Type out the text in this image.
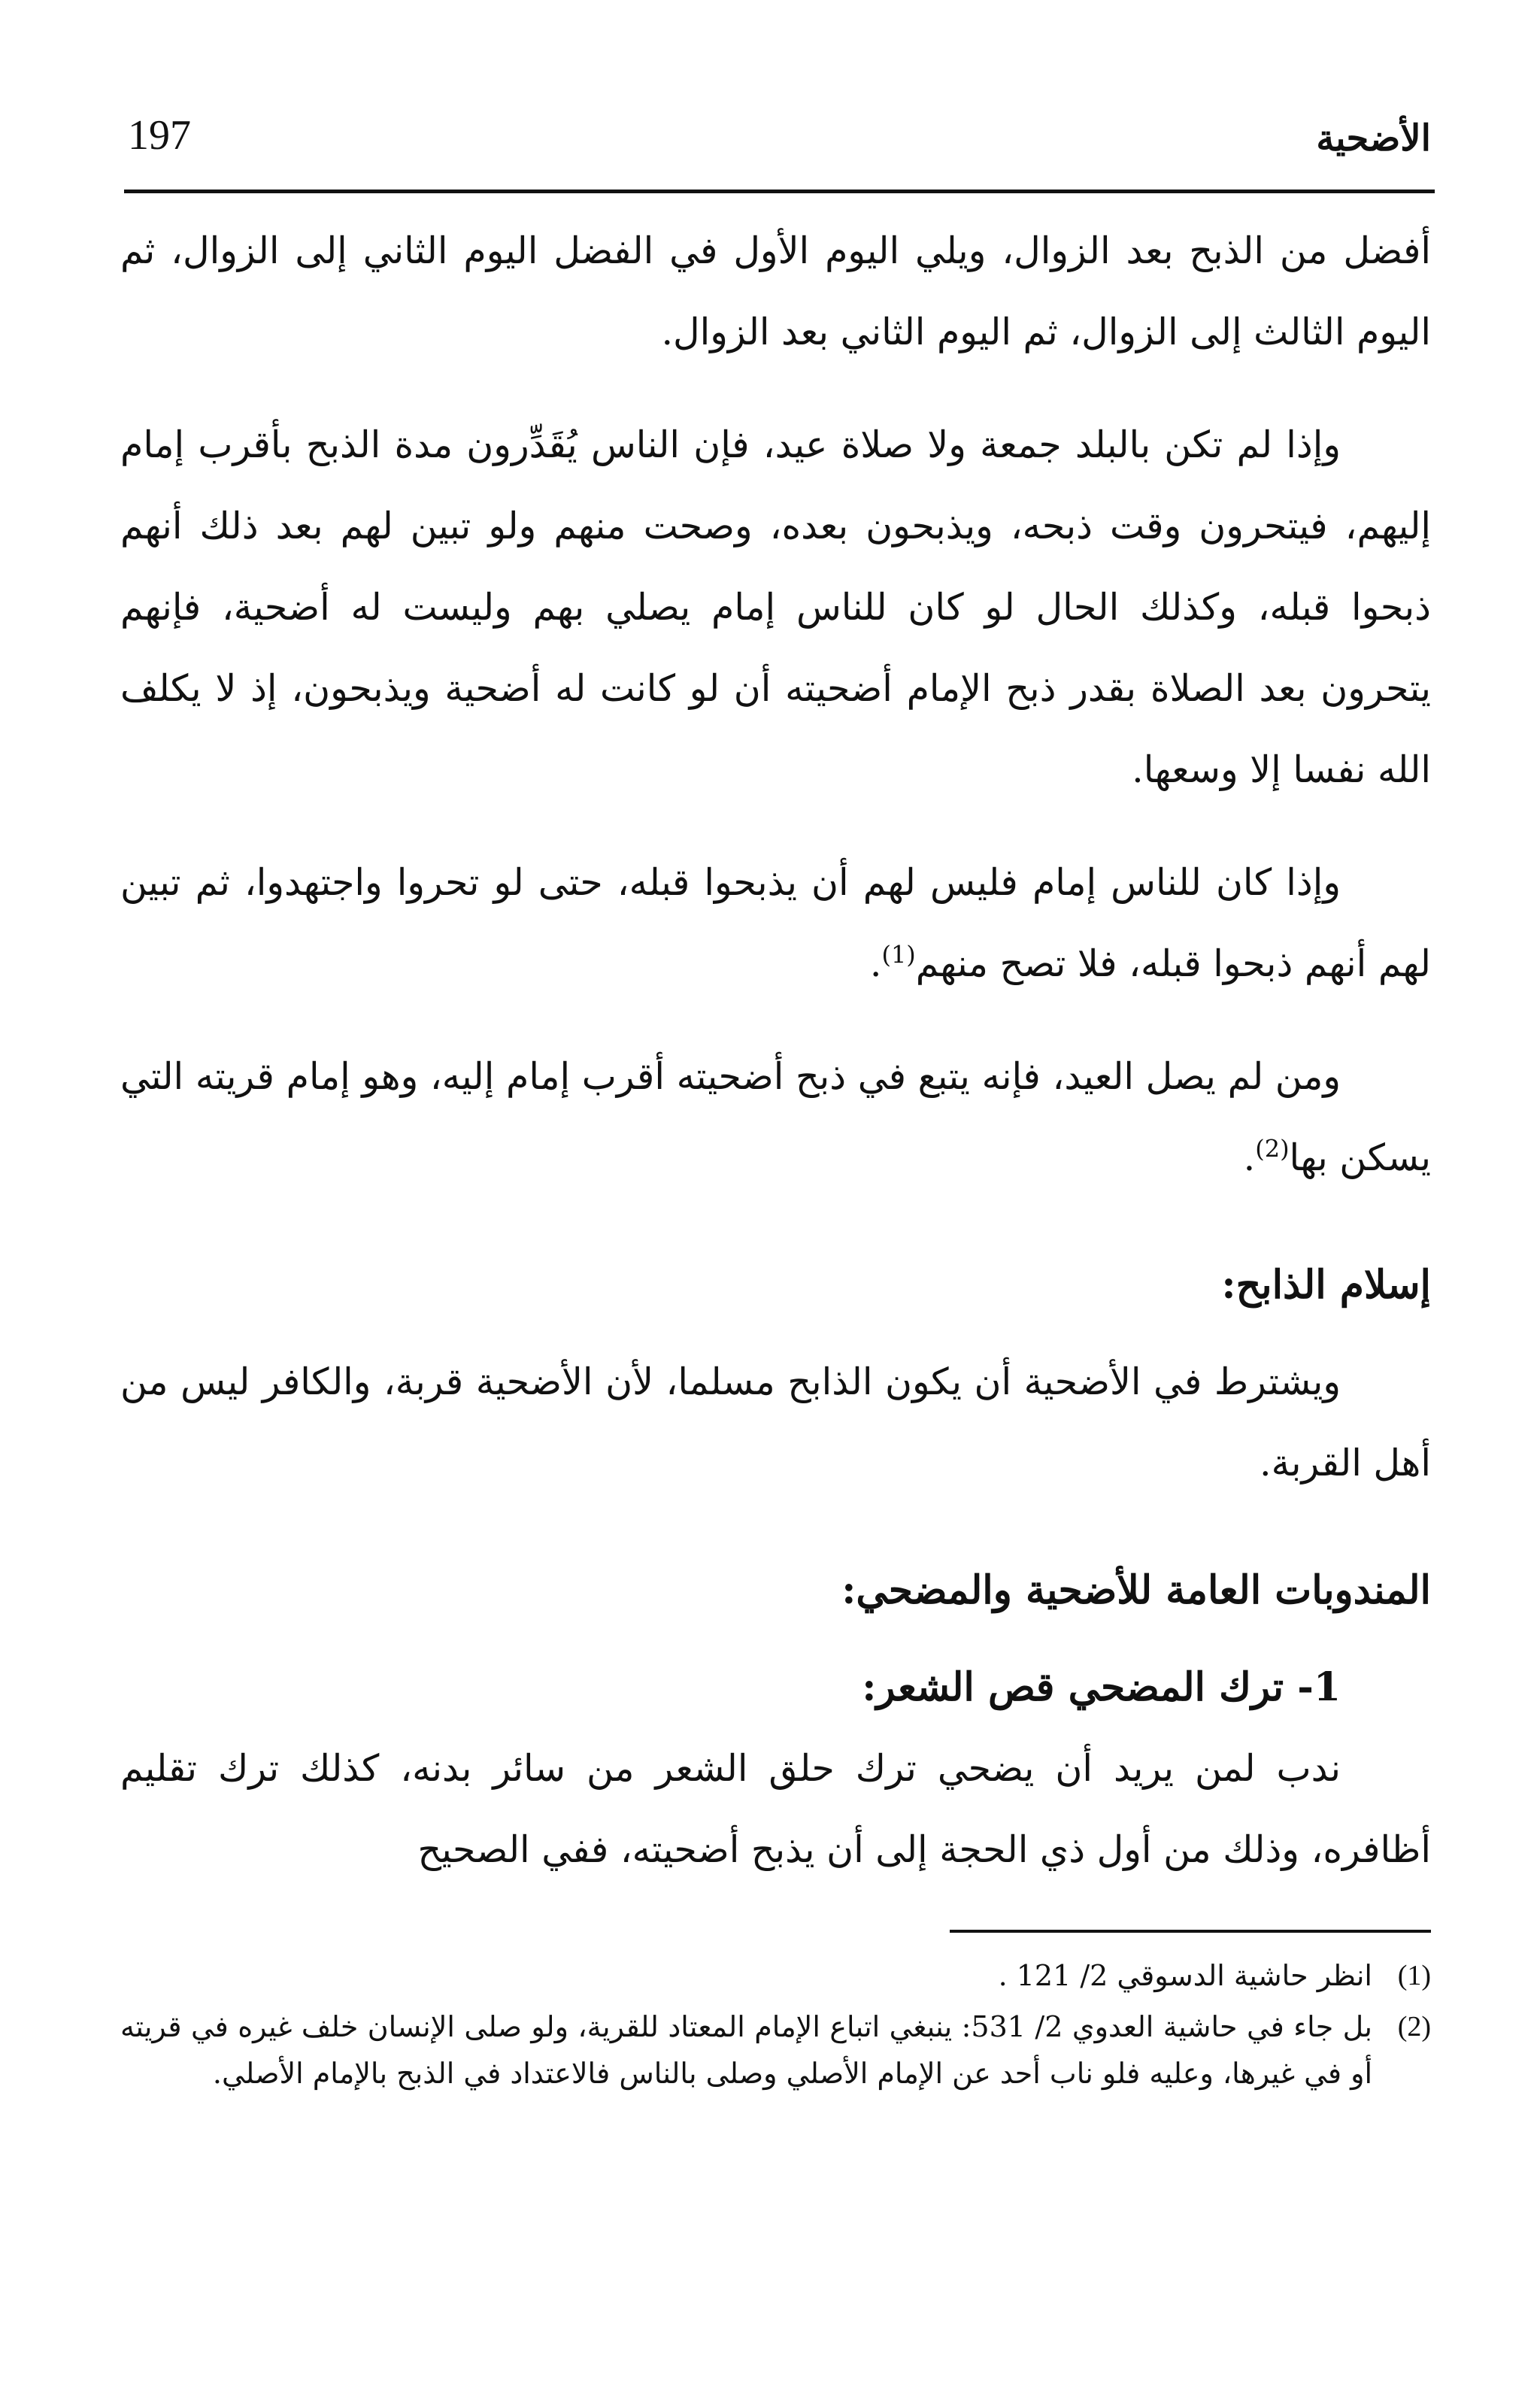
197	الأضحية

أفضل من الذبح بعد الزوال، ويلي اليوم الأول في الفضل اليوم الثاني إلى الزوال، ثم اليوم الثالث إلى الزوال، ثم اليوم الثاني بعد الزوال.

وإذا لم تكن بالبلد جمعة ولا صلاة عيد، فإن الناس يُقَدِّرون مدة الذبح بأقرب إمام إليهم، فيتحرون وقت ذبحه، ويذبحون بعده، وصحت منهم ولو تبين لهم بعد ذلك أنهم ذبحوا قبله، وكذلك الحال لو كان للناس إمام يصلي بهم وليست له أضحية، فإنهم يتحرون بعد الصلاة بقدر ذبح الإمام أضحيته أن لو كانت له أضحية ويذبحون، إذ لا يكلف الله نفسا إلا وسعها.

وإذا كان للناس إمام فليس لهم أن يذبحوا قبله، حتى لو تحروا واجتهدوا، ثم تبين لهم أنهم ذبحوا قبله، فلا تصح منهم$^{(1)}$.

ومن لم يصل العيد، فإنه يتبع في ذبح أضحيته أقرب إمام إليه، وهو إمام قريته التي يسكن بها$^{(2)}$.

إسلام الذابح:

ويشترط في الأضحية أن يكون الذابح مسلما، لأن الأضحية قربة، والكافر ليس من أهل القربة.

المندوبات العامة للأضحية والمضحي:
1- ترك المضحي قص الشعر:

ندب لمن يريد أن يضحي ترك حلق الشعر من سائر بدنه، كذلك ترك تقليم أظافره، وذلك من أول ذي الحجة إلى أن يذبح أضحيته، ففي الصحيح

(1)
انظر حاشية الدسوقي 2/ 121 .
(2)
بل جاء في حاشية العدوي 2/ 531: ينبغي اتباع الإمام المعتاد للقرية، ولو صلى الإنسان خلف غيره في قريته أو في غيرها، وعليه فلو ناب أحد عن الإمام الأصلي وصلى بالناس فالاعتداد في الذبح بالإمام الأصلي.
